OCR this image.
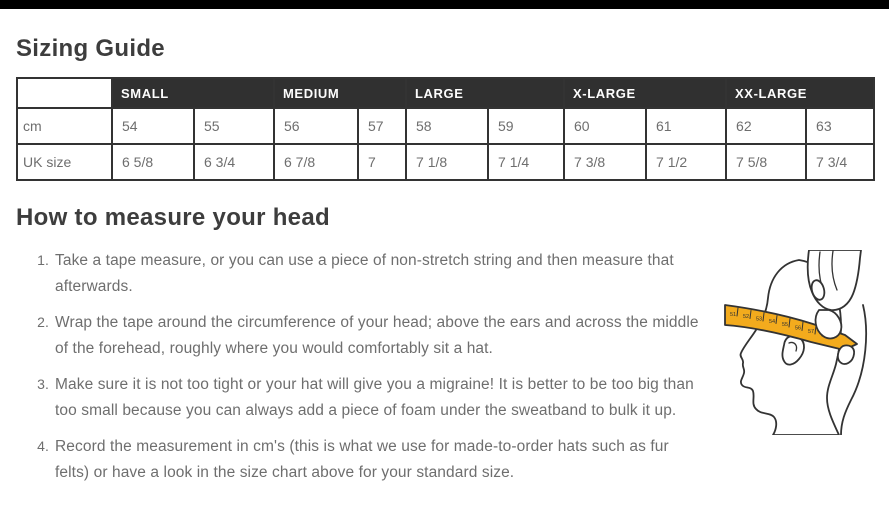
Sizing Guide
	SMALL		MEDIUM		LARGE		X-LARGE		XX-LARGE	
cm	54	55	56	57	58	59	60	61	62	63
UK size	6 5/8	6 3/4	6 7/8	7	7 1/8	7 1/4	7 3/8	7 1/2	7 5/8	7 3/4
How to measure your head
51 52 53 54 55
56
57
1. Take a tape measure, or you can use a piece of non-stretch string and then measure that afterwards.
2. Wrap the tape around the circumference of your head; above the ears and across the middle of the forehead, roughly where you would comfortably sit a hat.
3. Make sure it is not too tight or your hat will give you a migraine! It is better to be too big than too small because you can always add a piece of foam under the sweatband to bulk it up.
4. Record the measurement in cm's (this is what we use for made-to-order hats such as fur felts) or have a look in the size chart above for your standard size.
